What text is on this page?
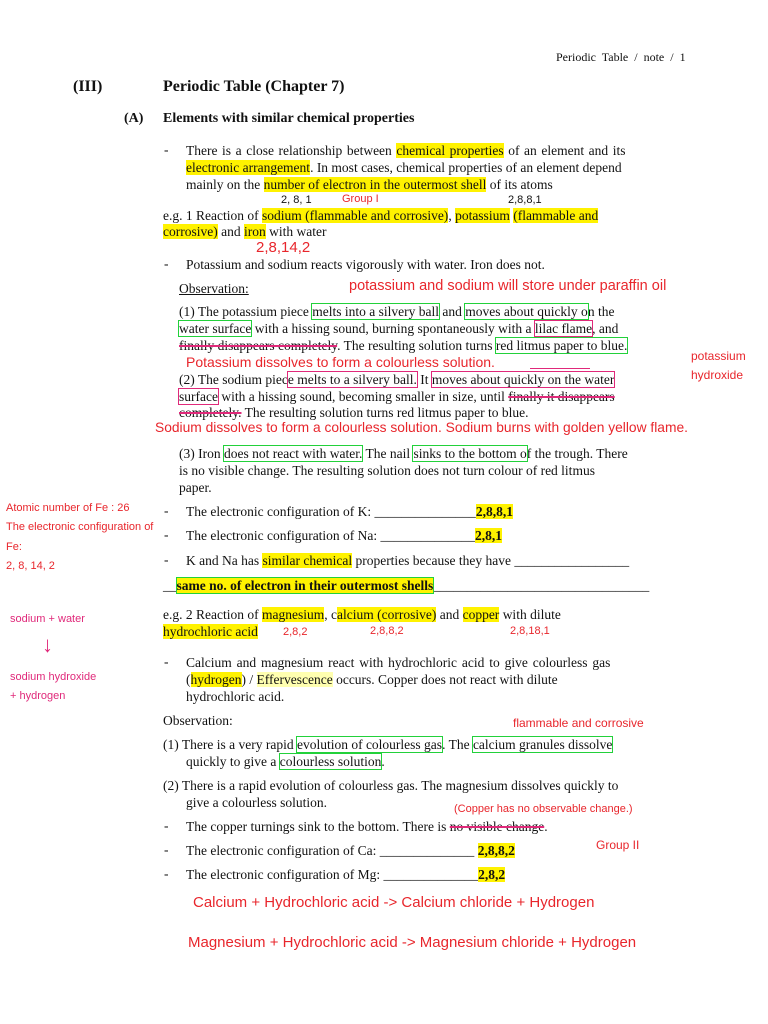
Periodic Table / note / 1
(III)	Periodic Table (Chapter 7)
(A) Elements with similar chemical properties
- There is a close relationship between chemical properties of an element and its
electronic arrangement. In most cases, chemical properties of an element depend
mainly on the number of electron in the outermost shell of its atoms
2, 8, 1	Group I	2,8,8,1
e.g. 1 Reaction of sodium (flammable and corrosive), potassium (flammable and
corrosive) and iron with water
2,8,14,2
- Potassium and sodium reacts vigorously with water. Iron does not.
Observation:	potassium and sodium will store under paraffin oil
(1) The potassium piece melts into a silvery ball and moves about quickly on the
water surface with a hissing sound, burning spontaneously with a lilac flame, and
finally disappears completely. The resulting solution turns red litmus paper to blue.
Potassium dissolves to form a colourless solution.	potassium
hydroxide
(2) The sodium piece melts to a silvery ball. It moves about quickly on the water
surface with a hissing sound, becoming smaller in size, until finally it disappears
completely. The resulting solution turns red litmus paper to blue.
Sodium dissolves to form a colourless solution. Sodium burns with golden yellow flame.
(3) Iron does not react with water. The nail sinks to the bottom of the trough. There
is no visible change. The resulting solution does not turn colour of red litmus
paper.
Atomic number of Fe : 26
The electronic configuration of
Fe:
2, 8, 14, 2
- The electronic configuration of K: _______________2,8,8,1
- The electronic configuration of Na: ______________2,8,1
- K and Na has similar chemical properties because they have _________________
__same no. of electron in their outermost shells________________________________
sodium + water
↓
sodium hydroxide
+ hydrogen
e.g. 2 Reaction of magnesium, calcium (corrosive) and copper with dilute
hydrochloric acid 2,8,2	2,8,8,2	2,8,18,1
- Calcium and magnesium react with hydrochloric acid to give colourless gas
(hydrogen) / Effervescence occurs. Copper does not react with dilute
hydrochloric acid.
Observation:	flammable and corrosive
(1) There is a very rapid evolution of colourless gas. The calcium granules dissolve
quickly to give a colourless solution.
(2) There is a rapid evolution of colourless gas. The magnesium dissolves quickly to
give a colourless solution.	(Copper has no observable change.)
- The copper turnings sink to the bottom. There is no visible change.
- The electronic configuration of Ca: ______________ 2,8,8,2	Group II
- The electronic configuration of Mg: ______________2,8,2
Calcium + Hydrochloric acid -> Calcium chloride + Hydrogen
Magnesium + Hydrochloric acid -> Magnesium chloride + Hydrogen
